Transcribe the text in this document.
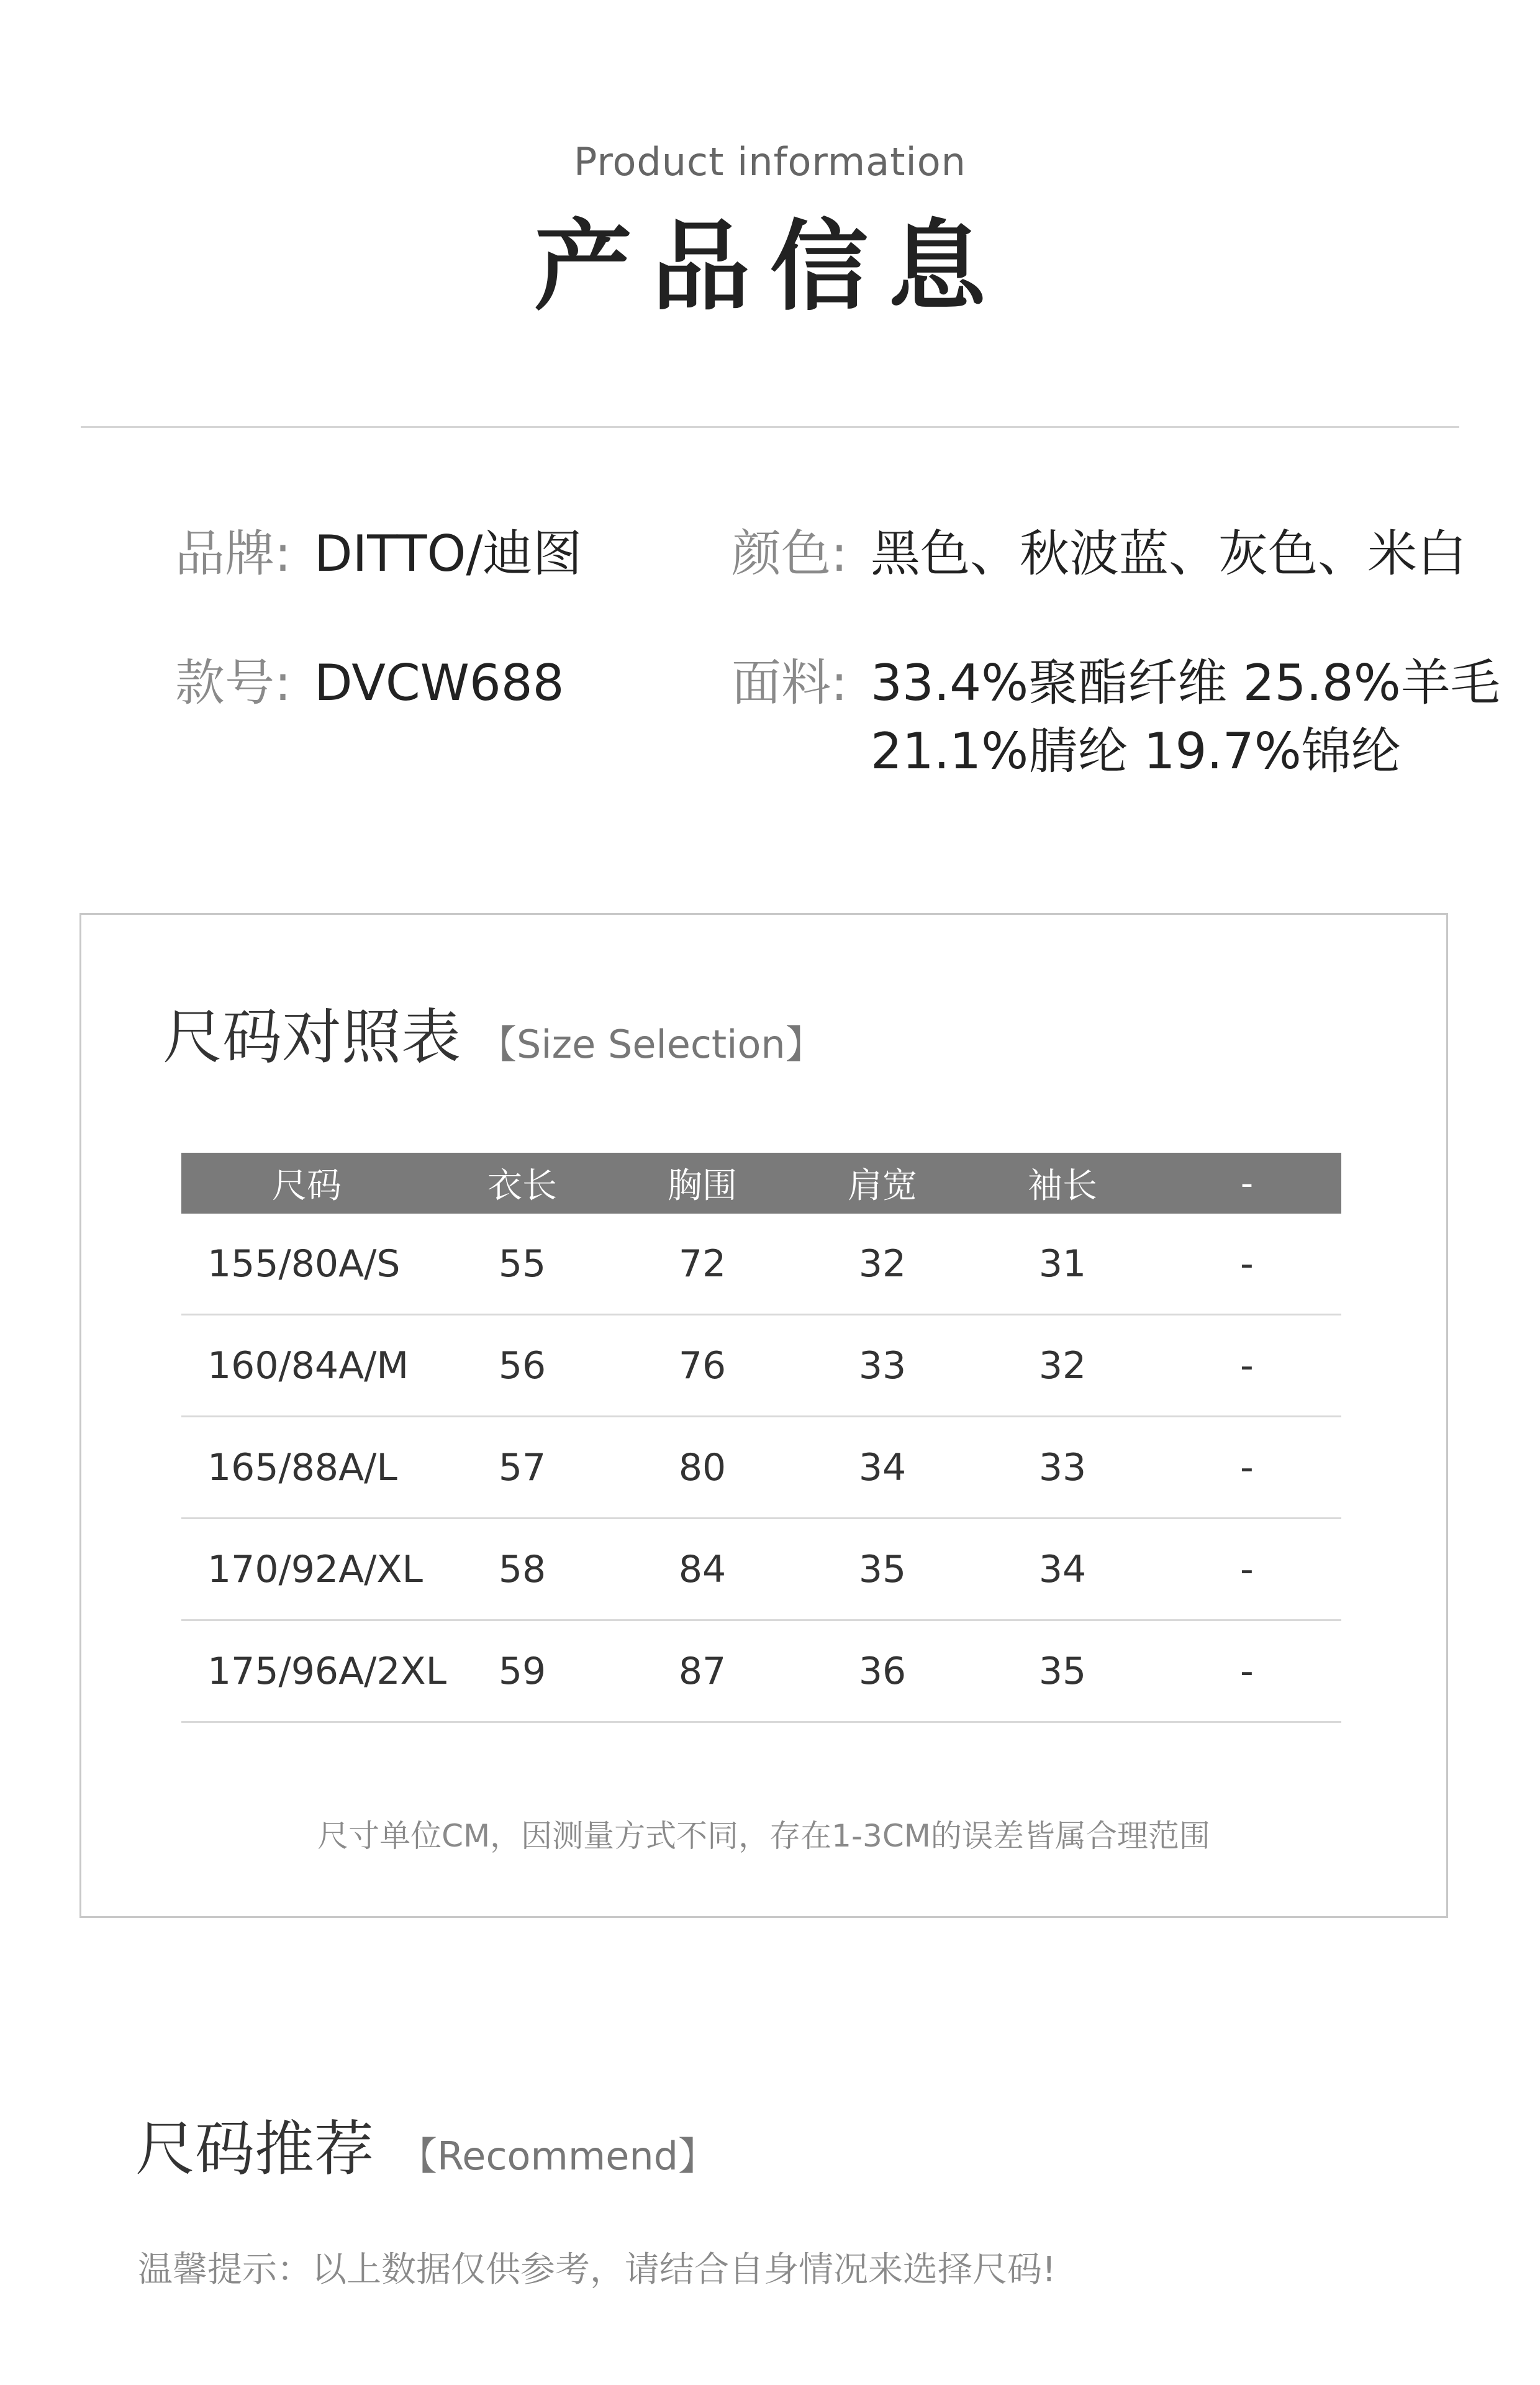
Product information
产品信息
品牌: DITTO/迪图	颜色: 黑色、秋波蓝、灰色、米白
款号: DVCW688	面料: 33.4%聚酯纤维 25.8%羊毛
21.1%腈纶 19.7%锦纶
尺码对照表 【Size Selection】
尺码	衣长	胸围	肩宽	袖长	-
155/80A/S	55	72	32	31	-
160/84A/M	56	76	33	32	-
165/88A/L	57	80	34	33	-
170/92A/XL	58	84	35	34	-
175/96A/2XL	59	87	36	35	-
尺寸单位CM，因测量方式不同，存在1-3CM的误差皆属合理范围
尺码推荐 【Recommend】
温馨提示：以上数据仅供参考，请结合自身情况来选择尺码!
